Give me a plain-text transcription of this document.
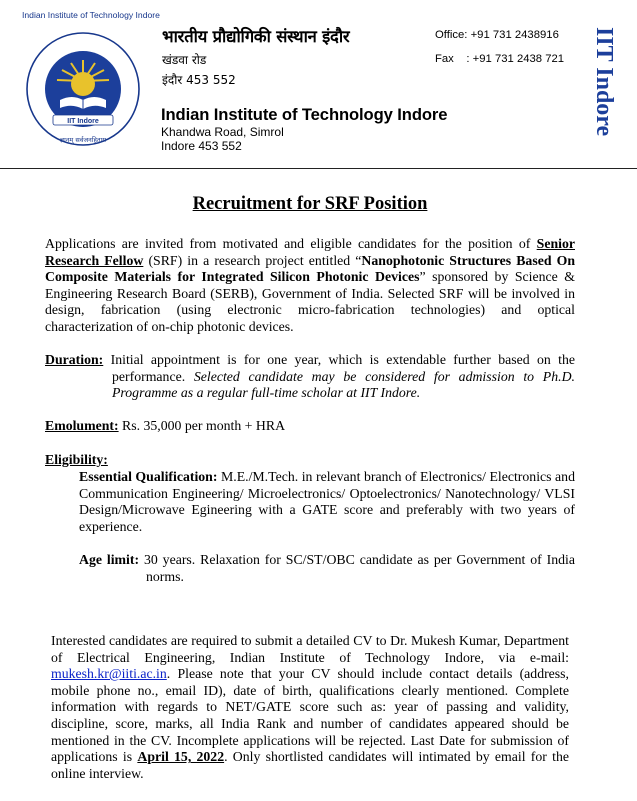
Indian Institute of Technology Indore
IIT Indore
ज्ञानम् सर्वजनहिताय
भारतीय प्रौद्योगिकी संस्थान इंदौर
खंडवा रोड
इंदौर 453 552
Office: +91 731 2438916
Fax    : +91 731 2438 721 IIT Indore
Indian Institute of Technology Indore
Khandwa Road, Simrol
Indore 453 552
Recruitment for SRF Position

Applications are invited from motivated and eligible candidates for the position of Senior Research Fellow (SRF) in a research project entitled “Nanophotonic Structures Based On Composite Materials for Integrated Silicon Photonic Devices” sponsored by Science & Engineering Research Board (SERB), Government of India. Selected SRF will be involved in design, fabrication (using electronic micro-fabrication technologies) and optical characterization of on-chip photonic devices.

Duration: Initial appointment is for one year, which is extendable further based on the performance. Selected candidate may be considered for admission to Ph.D. Programme as a regular full-time scholar at IIT Indore.

Emolument: Rs. 35,000 per month + HRA

Eligibility:

Essential Qualification: M.E./M.Tech. in relevant branch of Electronics/ Electronics and Communication Engineering/ Microelectronics/ Optoelectronics/ Nanotechnology/ VLSI Design/Microwave Egineering with a GATE score and preferably with two years of experience.

Age limit: 30 years. Relaxation for SC/ST/OBC candidate as per Government of India norms.

Interested candidates are required to submit a detailed CV to Dr. Mukesh Kumar, Department of Electrical Engineering, Indian Institute of Technology Indore, via e-mail: mukesh.kr@iiti.ac.in. Please note that your CV should include contact details (address, mobile phone no., email ID), date of birth, qualifications clearly mentioned. Complete information with regards to NET/GATE score such as: year of passing and validity, discipline, score, marks, all India Rank and number of candidates appeared should be mentioned in the CV. Incomplete applications will be rejected. Last Date for submission of applications is April 15, 2022. Only shortlisted candidates will intimated by email for the online interview.
